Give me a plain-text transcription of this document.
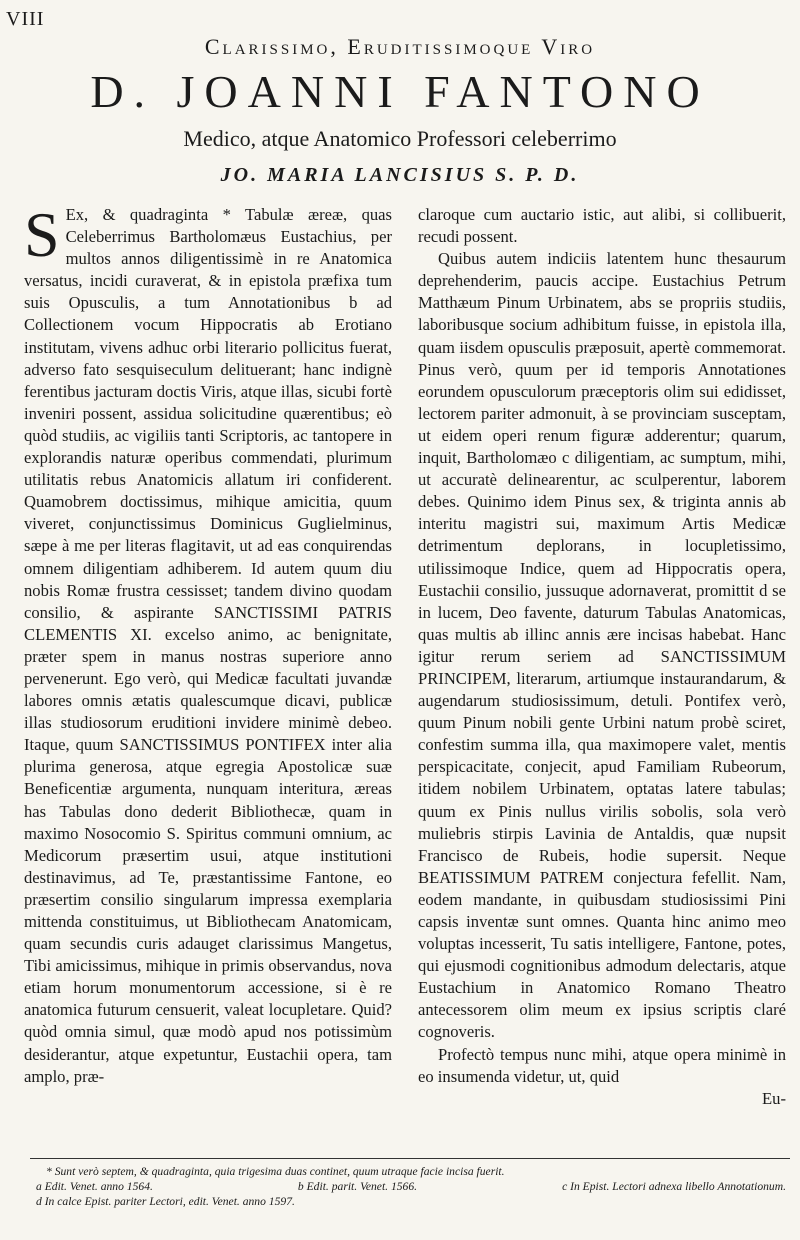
VIII
Clarissimo, Eruditissimoque Viro
D. JOANNI FANTONO
Medico, atque Anatomico Professori celeberrimo
JO. MARIA LANCISIUS S. P. D.

S Ex, & quadraginta * Tabulæ æreæ, quas Celeberrimus Bartholomæus Eustachius, per multos annos diligentissimè in re Anatomica versatus, incidi curaverat, & in epistola præfixa tum suis Opusculis, a tum Annotationibus b ad Collectionem vocum Hippocratis ab Erotiano institutam, vivens adhuc orbi literario pollicitus fuerat, adverso fato sesquiseculum delituerant; hanc indignè ferentibus jacturam doctis Viris, atque illas, sicubi fortè inveniri possent, assidua solicitudine quærentibus; eò quòd studiis, ac vigiliis tanti Scriptoris, ac tantopere in explorandis naturæ operibus commendati, plurimum utilitatis rebus Anatomicis allatum iri confiderent. Quamobrem doctissimus, mihique amicitia, quum viveret, conjunctissimus Dominicus Guglielminus, sæpe à me per literas flagitavit, ut ad eas conquirendas omnem diligentiam adhiberem. Id autem quum diu nobis Romæ frustra cessisset; tandem divino quodam consilio, & aspirante SANCTISSIMI PATRIS CLEMENTIS XI. excelso animo, ac benignitate, præter spem in manus nostras superiore anno pervenerunt. Ego verò, qui Medicæ facultati juvandæ labores omnis ætatis qualescumque dicavi, publicæ illas studiosorum eruditioni invidere minimè debeo. Itaque, quum SANCTISSIMUS PONTIFEX inter alia plurima generosa, atque egregia Apostolicæ suæ Beneficentiæ argumenta, nunquam interitura, æreas has Tabulas dono dederit Bibliothecæ, quam in maximo Nosocomio S. Spiritus communi omnium, ac Medicorum præsertim usui, atque institutioni destinavimus, ad Te, præstantissime Fantone, eo præsertim consilio singularum impressa exemplaria mittenda constituimus, ut Bibliothecam Anatomicam, quam secundis curis adauget clarissimus Mangetus, Tibi amicissimus, mihique in primis observandus, nova etiam horum monumentorum accessione, si è re anatomica futurum censuerit, valeat locupletare. Quid? quòd omnia simul, quæ modò apud nos potissimùm desiderantur, atque expetuntur, Eustachii opera, tam amplo, præ-

claroque cum auctario istic, aut alibi, si collibuerit, recudi possent.

Quibus autem indiciis latentem hunc thesaurum deprehenderim, paucis accipe. Eustachius Petrum Matthæum Pinum Urbinatem, abs se propriis studiis, laboribusque socium adhibitum fuisse, in epistola illa, quam iisdem opusculis præposuit, apertè commemorat. Pinus verò, quum per id temporis Annotationes eorundem opusculorum præceptoris olim sui edidisset, lectorem pariter admonuit, à se provinciam susceptam, ut eidem operi renum figuræ adderentur; quarum, inquit, Bartholomæo c diligentiam, ac sumptum, mihi, ut accuratè delinearentur, ac sculperentur, laborem debes. Quinimo idem Pinus sex, & triginta annis ab interitu magistri sui, maximum Artis Medicæ detrimentum deplorans, in locupletissimo, utilissimoque Indice, quem ad Hippocratis opera, Eustachii consilio, jussuque adornaverat, promittit d se in lucem, Deo favente, daturum Tabulas Anatomicas, quas multis ab illinc annis ære incisas habebat. Hanc igitur rerum seriem ad SANCTISSIMUM PRINCIPEM, literarum, artiumque instaurandarum, & augendarum studiosissimum, detuli. Pontifex verò, quum Pinum nobili gente Urbini natum probè sciret, confestim summa illa, qua maximopere valet, mentis perspicacitate, conjecit, apud Familiam Rubeorum, itidem nobilem Urbinatem, optatas latere tabulas; quum ex Pinis nullus virilis sobolis, sola verò muliebris stirpis Lavinia de Antaldis, quæ nupsit Francisco de Rubeis, hodie supersit. Neque BEATISSIMUM PATREM conjectura fefellit. Nam, eodem mandante, in quibusdam studiosissimi Pini capsis inventæ sunt omnes. Quanta hinc animo meo voluptas incesserit, Tu satis intelligere, Fantone, potes, qui ejusmodi cognitionibus admodum delectaris, atque Eustachium in Anatomico Romano Theatro antecessorem olim meum ex ipsius scriptis claré cognoveris.

Profectò tempus nunc mihi, atque opera minimè in eo insumenda videtur, ut, quid

Eu-

* Sunt verò septem, & quadraginta, quia trigesima duas continet, quum utraque facie incisa fuerit.
a Edit. Venet. anno 1564.	b Edit. parit. Venet. 1566.	c In Epist. Lectori adnexa libello Annotationum.
d In calce Epist. pariter Lectori, edit. Venet. anno 1597.
